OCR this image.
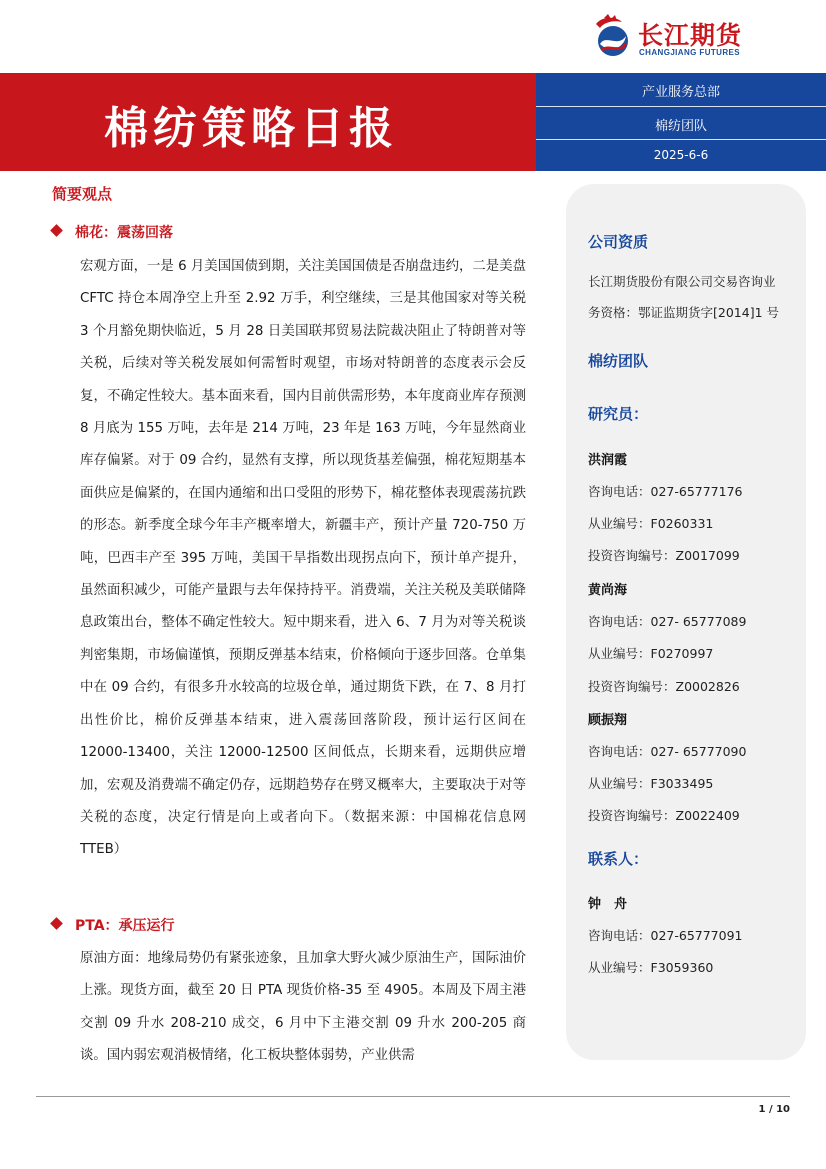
长江期货
CHANGJIANG FUTURES
棉纺策略日报
产业服务总部
棉纺团队
2025-6-6
简要观点
棉花：震荡回落
宏观方面，一是 6 月美国国债到期，关注美国国债是否崩盘违约，二是美盘 CFTC 持仓本周净空上升至 2.92 万手，利空继续，三是其他国家对等关税 3 个月豁免期快临近，5 月 28 日美国联邦贸易法院裁决阻止了特朗普对等关税，后续对等关税发展如何需暂时观望，市场对特朗普的态度表示会反复，不确定性较大。基本面来看，国内目前供需形势，本年度商业库存预测 8 月底为 155 万吨，去年是 214 万吨，23 年是 163 万吨，今年显然商业库存偏紧。对于 09 合约，显然有支撑，所以现货基差偏强，棉花短期基本面供应是偏紧的，在国内通缩和出口受阻的形势下，棉花整体表现震荡抗跌的形态。新季度全球今年丰产概率增大，新疆丰产，预计产量 720-750 万吨，巴西丰产至 395 万吨，美国干旱指数出现拐点向下，预计单产提升，虽然面积减少，可能产量跟与去年保持持平。消费端，关注关税及美联储降息政策出台，整体不确定性较大。短中期来看，进入 6、7 月为对等关税谈判密集期，市场偏谨慎，预期反弹基本结束，价格倾向于逐步回落。仓单集中在 09 合约，有很多升水较高的垃圾仓单，通过期货下跌，在 7、8 月打出性价比，棉价反弹基本结束，进入震荡回落阶段，预计运行区间在 12000-13400，关注 12000-12500 区间低点，长期来看，远期供应增加，宏观及消费端不确定仍存，远期趋势存在劈叉概率大，主要取决于对等关税的态度，决定行情是向上或者向下。（数据来源：中国棉花信息网　TTEB）
PTA：承压运行
原油方面：地缘局势仍有紧张迹象，且加拿大野火减少原油生产，国际油价上涨。现货方面，截至 20 日 PTA 现货价格-35 至 4905。本周及下周主港交割 09 升水 208-210 成交，6 月中下主港交割 09 升水 200-205 商谈。国内弱宏观消极情绪，化工板块整体弱势，产业供需
公司资质
长江期货股份有限公司交易咨询业
务资格：鄂证监期货字[2014]1 号
棉纺团队
研究员：
洪润霞
咨询电话：027-65777176
从业编号：F0260331
投资咨询编号：Z0017099
黄尚海
咨询电话：027- 65777089
从业编号：F0270997
投资咨询编号：Z0002826
顾振翔
咨询电话：027- 65777090
从业编号：F3033495
投资咨询编号：Z0022409
联系人：
钟　舟
咨询电话：027-65777091
从业编号：F3059360
1 / 10
